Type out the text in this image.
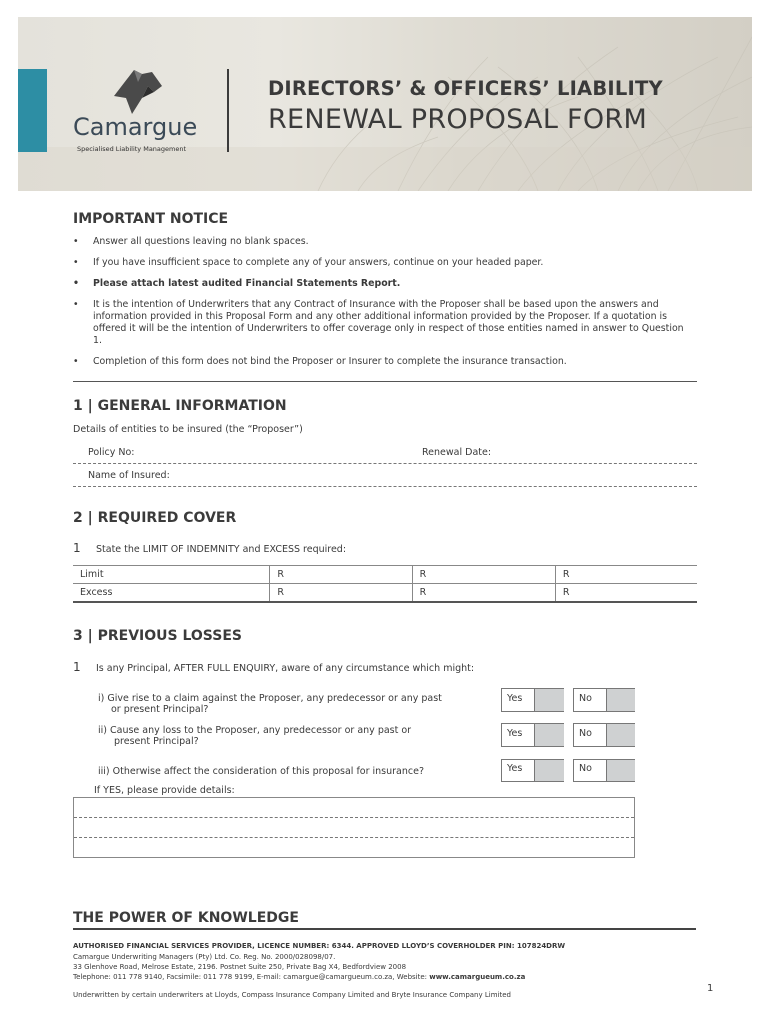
Camargue
Specialised Liability Management
DIRECTORS’ & OFFICERS’ LIABILITY
RENEWAL PROPOSAL FORM
IMPORTANT NOTICE
• Answer all questions leaving no blank spaces.
• If you have insufficient space to complete any of your answers, continue on your headed paper.
• Please attach latest audited Financial Statements Report.
• It is the intention of Underwriters that any Contract of Insurance with the Proposer shall be based upon the answers and information provided in this Proposal Form and any other additional information provided by the Proposer. If a quotation is offered it will be the intention of Underwriters to offer coverage only in respect of those entities named in answer to Question 1.
• Completion of this form does not bind the Proposer or Insurer to complete the insurance transaction.
1 | GENERAL INFORMATION
Details of entities to be insured (the “Proposer”)
Policy No:	Renewal Date:
Name of Insured:
2 | REQUIRED COVER
1 State the LIMIT OF INDEMNITY and EXCESS required:
Limit	R	R	R
Excess	R	R	R
3 | PREVIOUS LOSSES
1 Is any Principal, AFTER FULL ENQUIRY, aware of any circumstance which might:
i) Give rise to a claim against the Proposer, any predecessor or any past
or present Principal?
ii) Cause any loss to the Proposer, any predecessor or any past or
present Principal?
iii) Otherwise affect the consideration of this proposal for insurance?
Yes	No
Yes	No
Yes	No
If YES, please provide details:
THE POWER OF KNOWLEDGE
AUTHORISED FINANCIAL SERVICES PROVIDER, LICENCE NUMBER: 6344. APPROVED LLOYD’S COVERHOLDER PIN: 107824DRW
Camargue Underwriting Managers (Pty) Ltd. Co. Reg. No. 2000/028098/07.
33 Glenhove Road, Melrose Estate, 2196. Postnet Suite 250, Private Bag X4, Bedfordview 2008
Telephone: 011 778 9140, Facsimile: 011 778 9199, E-mail: camargue@camargueum.co.za, Website: www.camargueum.co.za
Underwritten by certain underwriters at Lloyds, Compass Insurance Company Limited and Bryte Insurance Company Limited
1
